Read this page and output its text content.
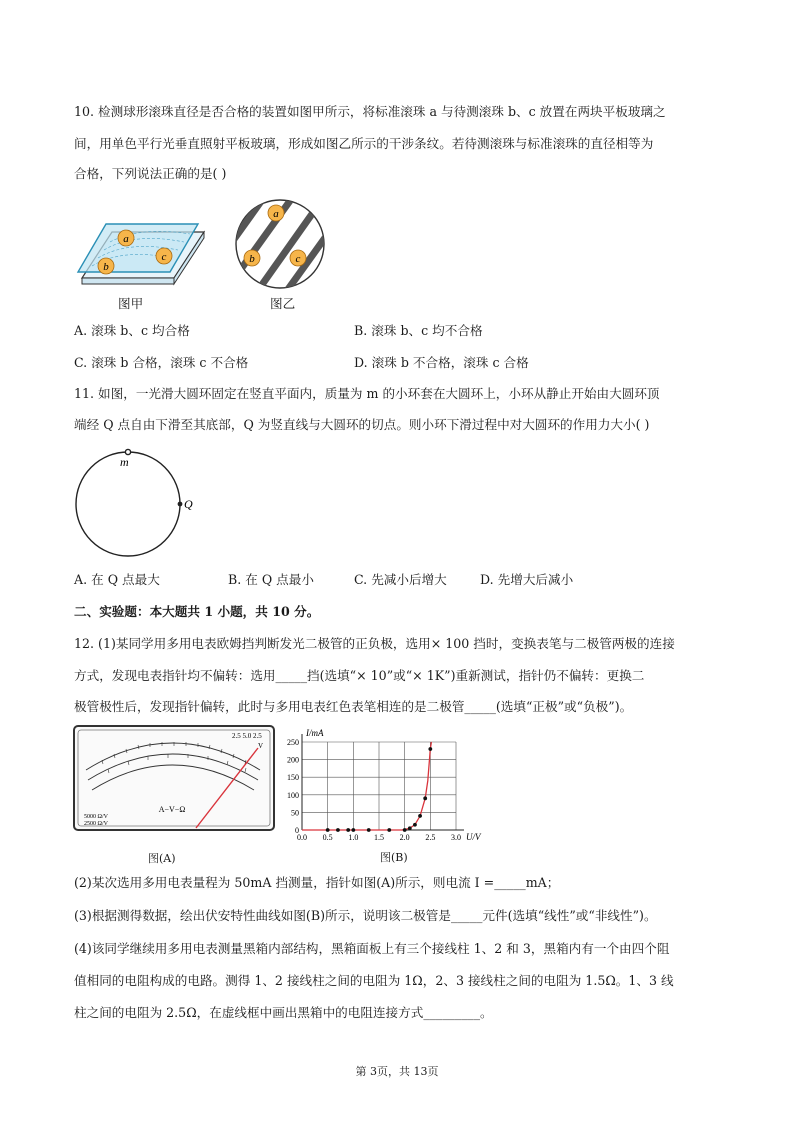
10. 检测球形滚珠直径是否合格的装置如图甲所示，将标准滚珠 a 与待测滚珠 b、c 放置在两块平板玻璃之
间，用单色平行光垂直照射平板玻璃，形成如图乙所示的干涉条纹。若待测滚珠与标准滚珠的直径相等为
合格，下列说法正确的是( )
a
b
c
图甲
a
b	c
图乙
A. 滚珠 b、c 均合格	B. 滚珠 b、c 均不合格
C. 滚珠 b 合格，滚珠 c 不合格	D. 滚珠 b 不合格，滚珠 c 合格
11. 如图，一光滑大圆环固定在竖直平面内，质量为 m 的小环套在大圆环上，小环从静止开始由大圆环顶
端经 Q 点自由下滑至其底部，Q 为竖直线与大圆环的切点。则小环下滑过程中对大圆环的作用力大小( )
m
Q
A. 在 Q 点最大	B. 在 Q 点最小	C. 先减小后增大	D. 先增大后减小
二、实验题：本大题共 1 小题，共 10 分。
12. (1)某同学用多用电表欧姆挡判断发光二极管的正负极，选用× 100 挡时，变换表笔与二极管两极的连接
方式，发现电表指针均不偏转：选用_____挡(选填“× 10”或“× 1K”)重新测试，指针仍不偏转：更换二
极管极性后，发现指针偏转，此时与多用电表红色表笔相连的是二极管_____(选填“正极”或“负极”)。
2.5 5.0 2.5
V
A−V−Ω
5000 Ω/V
2500 Ω/V
图(A)
0.0 0.5 1.0 1.5 2.0 2.5 3.0
0
50
100
150
200
250
I/mA
U/V
图(B)
(2)某次选用多用电表量程为 50mA 挡测量，指针如图(A)所示，则电流 I =_____mA；
(3)根据测得数据，绘出伏安特性曲线如图(B)所示，说明该二极管是_____元件(选填“线性”或“非线性”)。
(4)该同学继续用多用电表测量黑箱内部结构，黑箱面板上有三个接线柱 1、2 和 3，黑箱内有一个由四个阻
值相同的电阻构成的电路。测得 1、2 接线柱之间的电阻为 1Ω，2、3 接线柱之间的电阻为 1.5Ω。1、3 线
柱之间的电阻为 2.5Ω，在虚线框中画出黑箱中的电阻连接方式_________。
第 3页，共 13页
